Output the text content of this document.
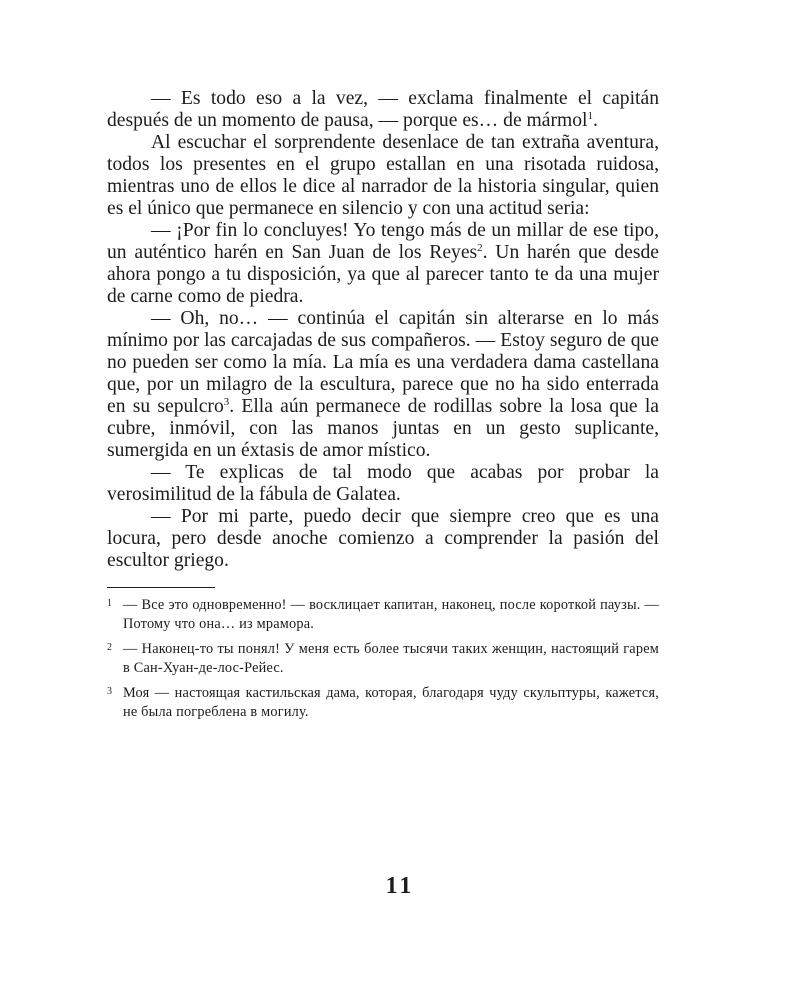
— Es todo eso a la vez, — exclama finalmente el capitán después de un momento de pausa, — porque es… de mármol$^1$.

Al escuchar el sorprendente desenlace de tan extraña aventura, todos los presentes en el grupo estallan en una risotada ruidosa, mientras uno de ellos le dice al narrador de la historia singular, quien es el único que permanece en silencio y con una actitud seria:

— ¡Por fin lo concluyes! Yo tengo más de un millar de ese tipo, un auténtico harén en San Juan de los Reyes$^2$. Un harén que desde ahora pongo a tu disposición, ya que al parecer tanto te da una mujer de carne como de piedra.

— Oh, no… — continúa el capitán sin alterarse en lo más mínimo por las carcajadas de sus compañeros. — Estoy seguro de que no pueden ser como la mía. La mía es una verdadera dama castellana que, por un milagro de la escultura, parece que no ha sido enterrada en su sepulcro$^3$. Ella aún permanece de rodillas sobre la losa que la cubre, inmóvil, con las manos juntas en un gesto suplicante, sumergida en un éxtasis de amor místico.

— Te explicas de tal modo que acabas por probar la verosimilitud de la fábula de Galatea.

— Por mi parte, puedo decir que siempre creo que es una locura, pero desde anoche comienzo a comprender la pasión del escultor griego.

1 — Все это одновременно! — восклицает капитан, наконец, после короткой паузы. — Потому что она… из мрамора.
2 — Наконец-то ты понял! У меня есть более тысячи таких женщин, настоящий гарем в Сан-Хуан-де-лос-Рейес.
3 Моя — настоящая кастильская дама, которая, благодаря чуду скульптуры, кажется, не была погреблена в могилу.
11
